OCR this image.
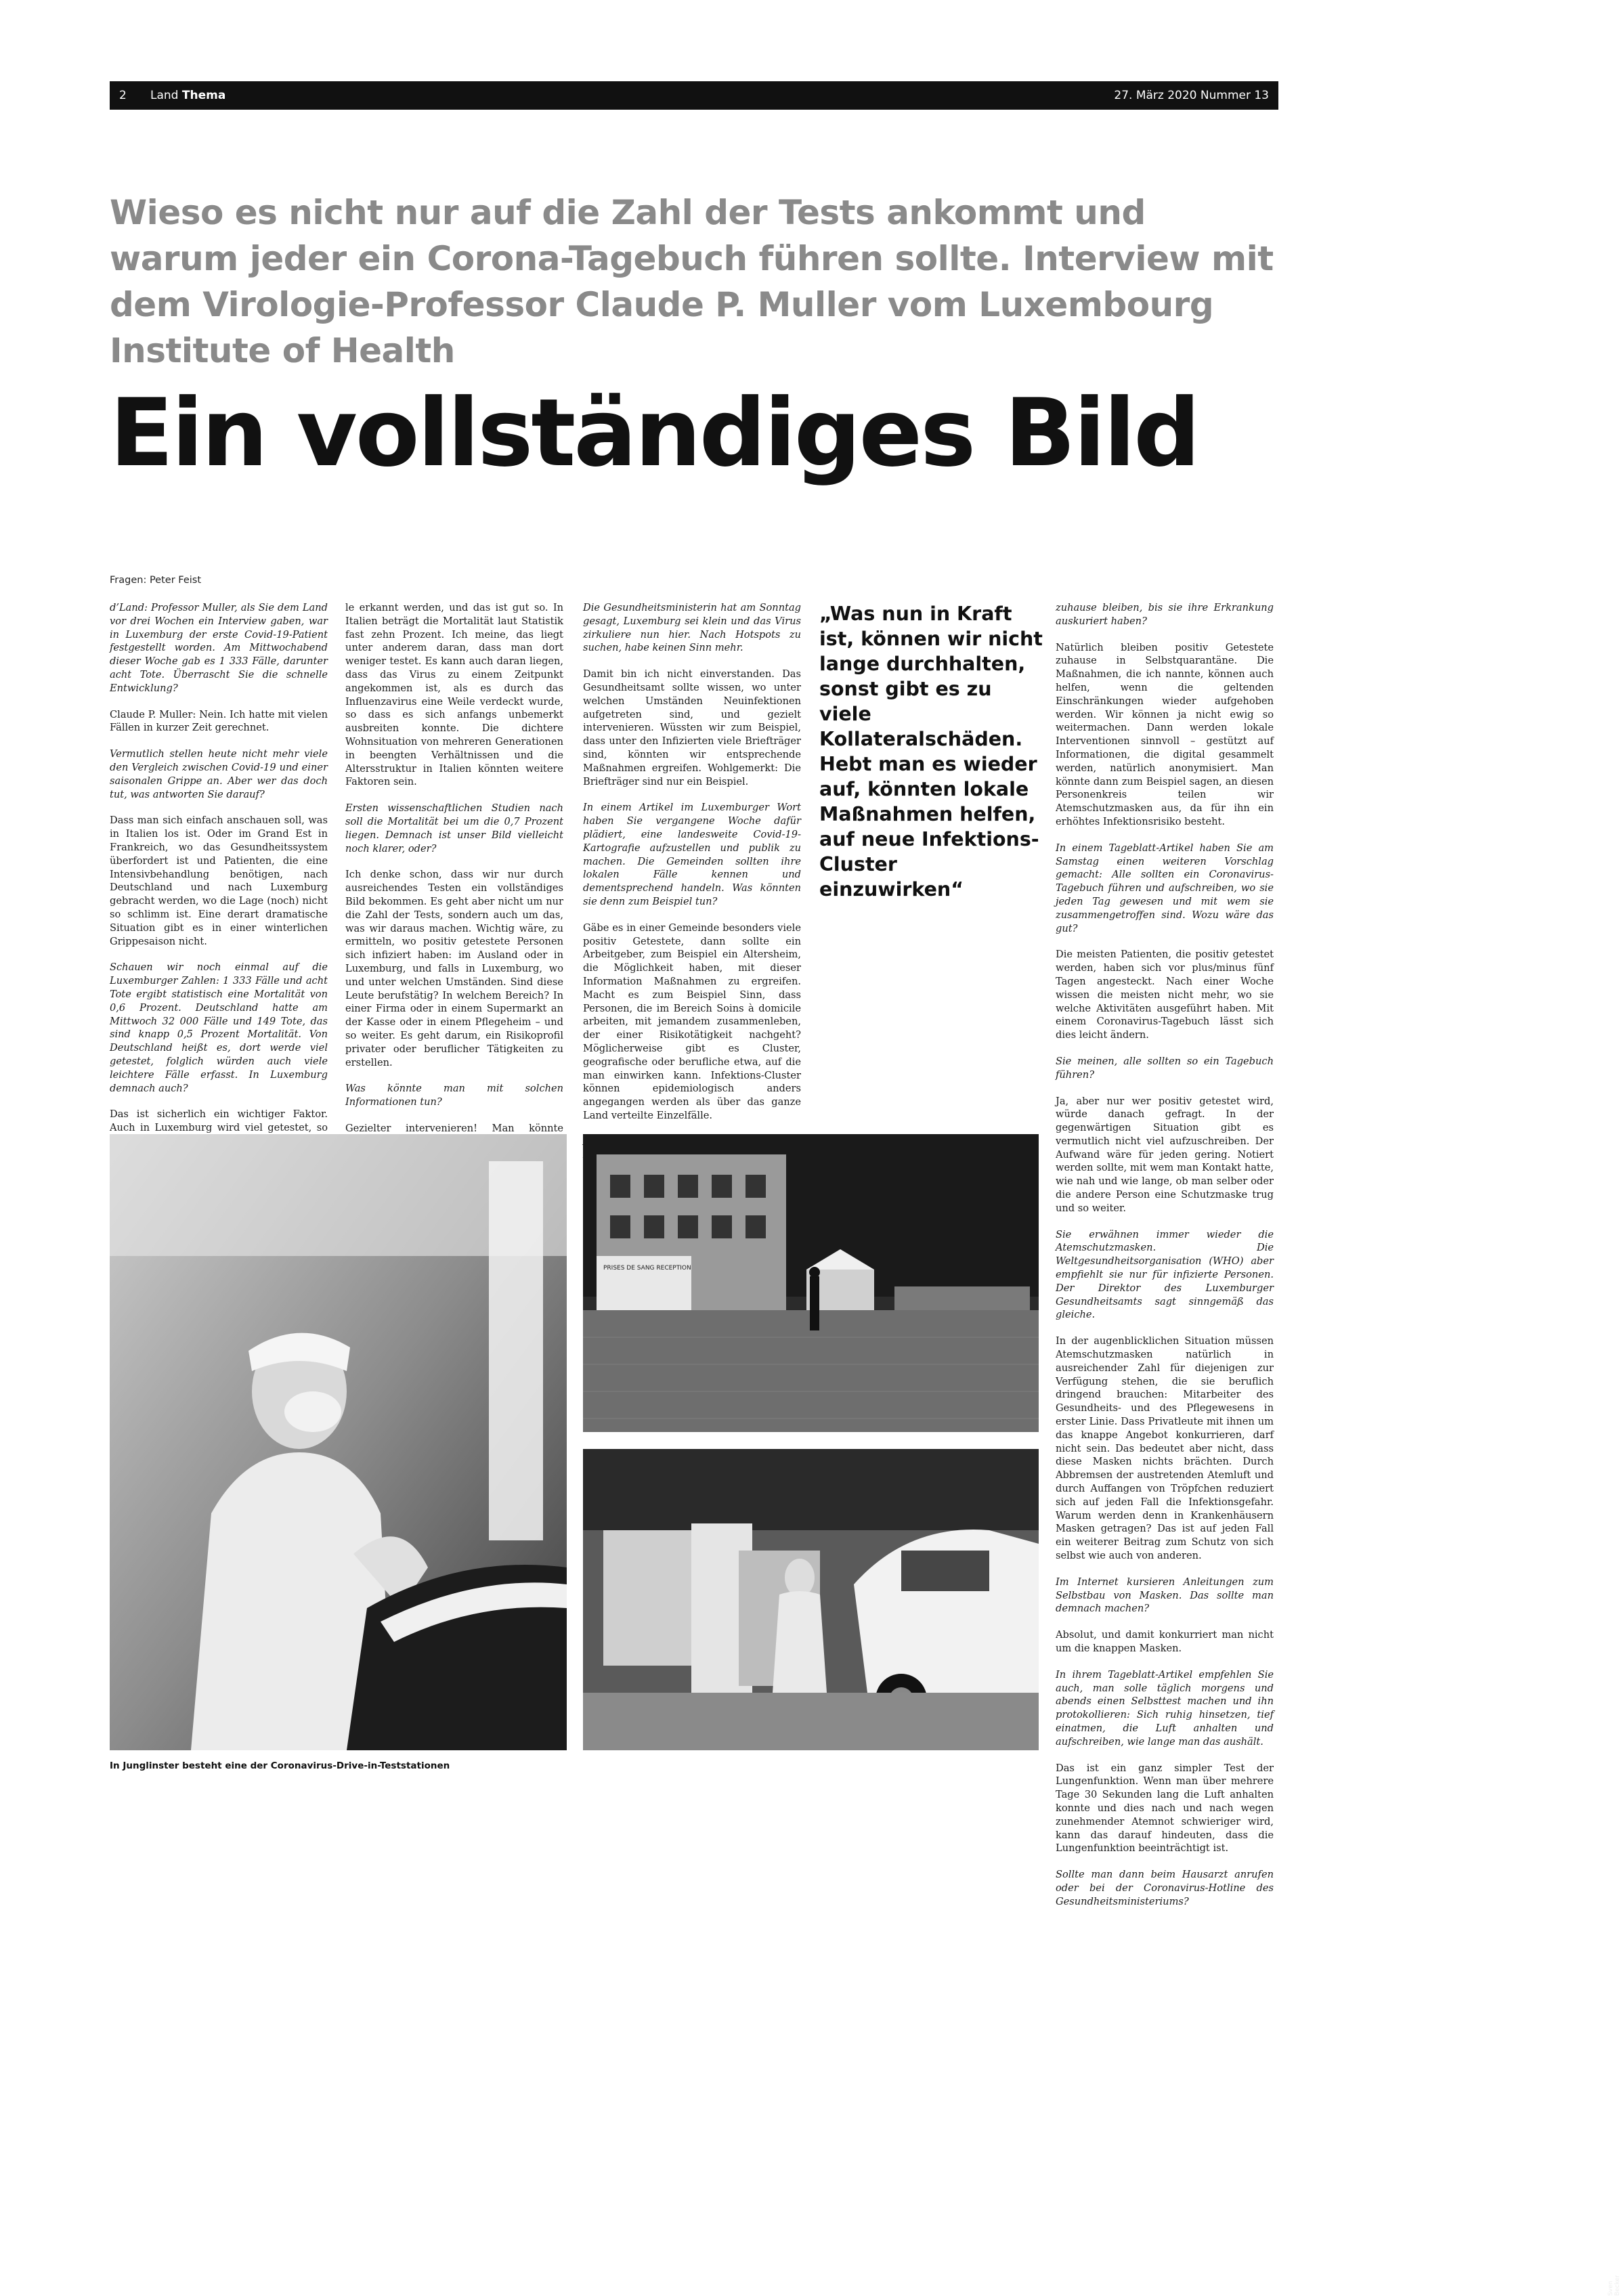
2 Land Thema	27. März 2020 Nummer 13
Wieso es nicht nur auf die Zahl der Tests ankommt und warum jeder ein Corona-Tagebuch führen sollte. Interview mit dem Virologie-Professor Claude P. Muller vom Luxembourg Institute of Health
Ein vollständiges Bild
Fragen: Peter Feist

d’Land: Professor Muller, als Sie dem Land vor drei Wochen ein Interview gaben, war in Luxemburg der erste Covid-19-Patient festgestellt worden. Am Mittwochabend dieser Woche gab es 1 333 Fälle, darunter acht Tote. Überrascht Sie die schnelle Entwicklung?

Claude P. Muller: Nein. Ich hatte mit vielen Fällen in kurzer Zeit gerechnet.

Vermutlich stellen heute nicht mehr viele den Vergleich zwischen Covid-19 und einer saisonalen Grippe an. Aber wer das doch tut, was antworten Sie darauf?

Dass man sich einfach anschauen soll, was in Italien los ist. Oder im Grand Est in Frankreich, wo das Gesundheitssystem überfordert ist und Patienten, die eine Intensivbehandlung benötigen, nach Deutschland und nach Luxemburg gebracht werden, wo die Lage (noch) nicht so schlimm ist. Eine derart dramatische Situation gibt es in einer winterlichen Grippesaison nicht.

Schauen wir noch einmal auf die Luxemburger Zahlen: 1 333 Fälle und acht Tote ergibt statistisch eine Mortalität von 0,6 Prozent. Deutschland hatte am Mittwoch 32 000 Fälle und 149 Tote, das sind knapp 0,5 Prozent Mortalität. Von Deutschland heißt es, dort werde viel getestet, folglich würden auch viele leichtere Fälle erfasst. In Luxemburg demnach auch?

Das ist sicherlich ein wichtiger Faktor. Auch in Luxemburg wird viel getestet, so

le erkannt werden, und das ist gut so. In Italien beträgt die Mortalität laut Statistik fast zehn Prozent. Ich meine, das liegt unter anderem daran, dass man dort weniger testet. Es kann auch daran liegen, dass das Virus zu einem Zeitpunkt angekommen ist, als es durch das Influenzavirus eine Weile verdeckt wurde, so dass es sich anfangs unbemerkt ausbreiten konnte. Die dichtere Wohnsituation von mehreren Generationen in beengten Verhältnissen und die Altersstruktur in Italien könnten weitere Faktoren sein.

Ersten wissenschaftlichen Studien nach soll die Mortalität bei um die 0,7 Prozent liegen. Demnach ist unser Bild vielleicht noch klarer, oder?

Ich denke schon, dass wir nur durch ausreichendes Testen ein vollständiges Bild bekommen. Es geht aber nicht um nur die Zahl der Tests, sondern auch um das, was wir daraus machen. Wichtig wäre, zu ermitteln, wo positiv getestete Personen sich infiziert haben: im Ausland oder in Luxemburg, und falls in Luxemburg, wo und unter welchen Umständen. Sind diese Leute berufstätig? In welchem Bereich? In einer Firma oder in einem Supermarkt an der Kasse oder in einem Pflegeheim – und so weiter. Es geht darum, ein Risikoprofil privater oder beruflicher Tätigkeiten zu erstellen.

Was könnte man mit solchen Informationen tun?

Gezielter intervenieren! Man könnte

Die Gesundheitsministerin hat am Sonntag gesagt, Luxemburg sei klein und das Virus zirkuliere nun hier. Nach Hotspots zu suchen, habe keinen Sinn mehr.

Damit bin ich nicht einverstanden. Das Gesundheitsamt sollte wissen, wo unter welchen Umständen Neuinfektionen aufgetreten sind, und gezielt intervenieren. Wüssten wir zum Beispiel, dass unter den Infizierten viele Briefträger sind, könnten wir entsprechende Maßnahmen ergreifen. Wohlgemerkt: Die Briefträger sind nur ein Beispiel.

In einem Artikel im Luxemburger Wort haben Sie vergangene Woche dafür plädiert, eine landesweite Covid-19-Kartografie aufzustellen und publik zu machen. Die Gemeinden sollten ihre lokalen Fälle kennen und dementsprechend handeln. Was könnten sie denn zum Beispiel tun?

Gäbe es in einer Gemeinde besonders viele positiv Getestete, dann sollte ein Arbeitgeber, zum Beispiel ein Altersheim, die Möglichkeit haben, mit dieser Information Maßnahmen zu ergreifen. Macht es zum Beispiel Sinn, dass Personen, die im Bereich Soins à domicile arbeiten, mit jemandem zusammenleben, der einer Risikotätigkeit nachgeht? Möglicherweise gibt es Cluster, geografische oder berufliche etwa, auf die man einwirken kann. Infektions-Cluster können epidemiologisch anders angegangen werden als über das ganze Land verteilte Einzelfälle.

„Was nun in Kraft ist, können wir nicht lange durchhalten, sonst gibt es zu viele Kollateralschäden. Hebt man es wieder auf, könnten lokale Maßnahmen helfen, auf neue Infektions-Cluster einzuwirken“

zuhause bleiben, bis sie ihre Erkrankung auskuriert haben?

Natürlich bleiben positiv Getestete zuhause in Selbstquarantäne. Die Maßnahmen, die ich nannte, können auch helfen, wenn die geltenden Einschränkungen wieder aufgehoben werden. Wir können ja nicht ewig so weitermachen. Dann werden lokale Interventionen sinnvoll – gestützt auf Informationen, die digital gesammelt werden, natürlich anonymisiert. Man könnte dann zum Beispiel sagen, an diesen Personenkreis teilen wir Atemschutzmasken aus, da für ihn ein erhöhtes Infektionsrisiko besteht.

In einem Tageblatt-Artikel haben Sie am Samstag einen weiteren Vorschlag gemacht: Alle sollten ein Coronavirus-Tagebuch führen und aufschreiben, wo sie jeden Tag gewesen und mit wem sie zusammengetroffen sind. Wozu wäre das gut?

Die meisten Patienten, die positiv getestet werden, haben sich vor plus/minus fünf Tagen angesteckt. Nach einer Woche wissen die meisten nicht mehr, wo sie welche Aktivitäten ausgeführt haben. Mit einem Coronavirus-Tagebuch lässt sich dies leicht ändern.

Sie meinen, alle sollten so ein Tagebuch führen?

Ja, aber nur wer positiv getestet wird, würde danach gefragt. In der gegenwärtigen Situation gibt es vermutlich nicht viel aufzuschreiben. Der Aufwand wäre für jeden gering. Notiert werden sollte, mit wem man Kontakt hatte, wie nah und wie lange, ob man selber oder die andere Person eine Schutzmaske trug und so weiter.

Sie erwähnen immer wieder die Atemschutzmasken. Die Weltgesundheitsorganisation (WHO) aber empfiehlt sie nur für infizierte Personen. Der Direktor des Luxemburger Gesundheitsamts sagt sinngemäß das gleiche.

In der augenblicklichen Situation müssen Atemschutzmasken natürlich in ausreichender Zahl für diejenigen zur Verfügung stehen, die sie beruflich dringend brauchen: Mitarbeiter des Gesundheits- und des Pflegewesens in erster Linie. Dass Privatleute mit ihnen um das knappe Angebot konkurrieren, darf nicht sein. Das bedeutet aber nicht, dass diese Masken nichts brächten. Durch Abbremsen der austretenden Atemluft und durch Auffangen von Tröpfchen reduziert sich auf jeden Fall die Infektionsgefahr. Warum werden denn in Krankenhäusern Masken getragen? Das ist auf jeden Fall ein weiterer Beitrag zum Schutz von sich selbst wie auch von anderen.

Im Internet kursieren Anleitungen zum Selbstbau von Masken. Das sollte man demnach machen?

Absolut, und damit konkurriert man nicht um die knappen Masken.

In ihrem Tageblatt-Artikel empfehlen Sie auch, man solle täglich morgens und abends einen Selbsttest machen und ihn protokollieren: Sich ruhig hinsetzen, tief einatmen, die Luft anhalten und aufschreiben, wie lange man das aushält.

Das ist ein ganz simpler Test der Lungenfunktion. Wenn man über mehrere Tage 30 Sekunden lang die Luft anhalten konnte und dies nach und nach wegen zunehmender Atemnot schwieriger wird, kann das darauf hindeuten, dass die Lungenfunktion beeinträchtigt ist.

Sollte man dann beim Hausarzt anrufen oder bei der Coronavirus-Hotline des Gesundheitsministeriums?

PRISES DE SANG RECEPTION
Sven Becker
In Junglinster besteht eine der Coronavirus-Drive-in-Teststationen
